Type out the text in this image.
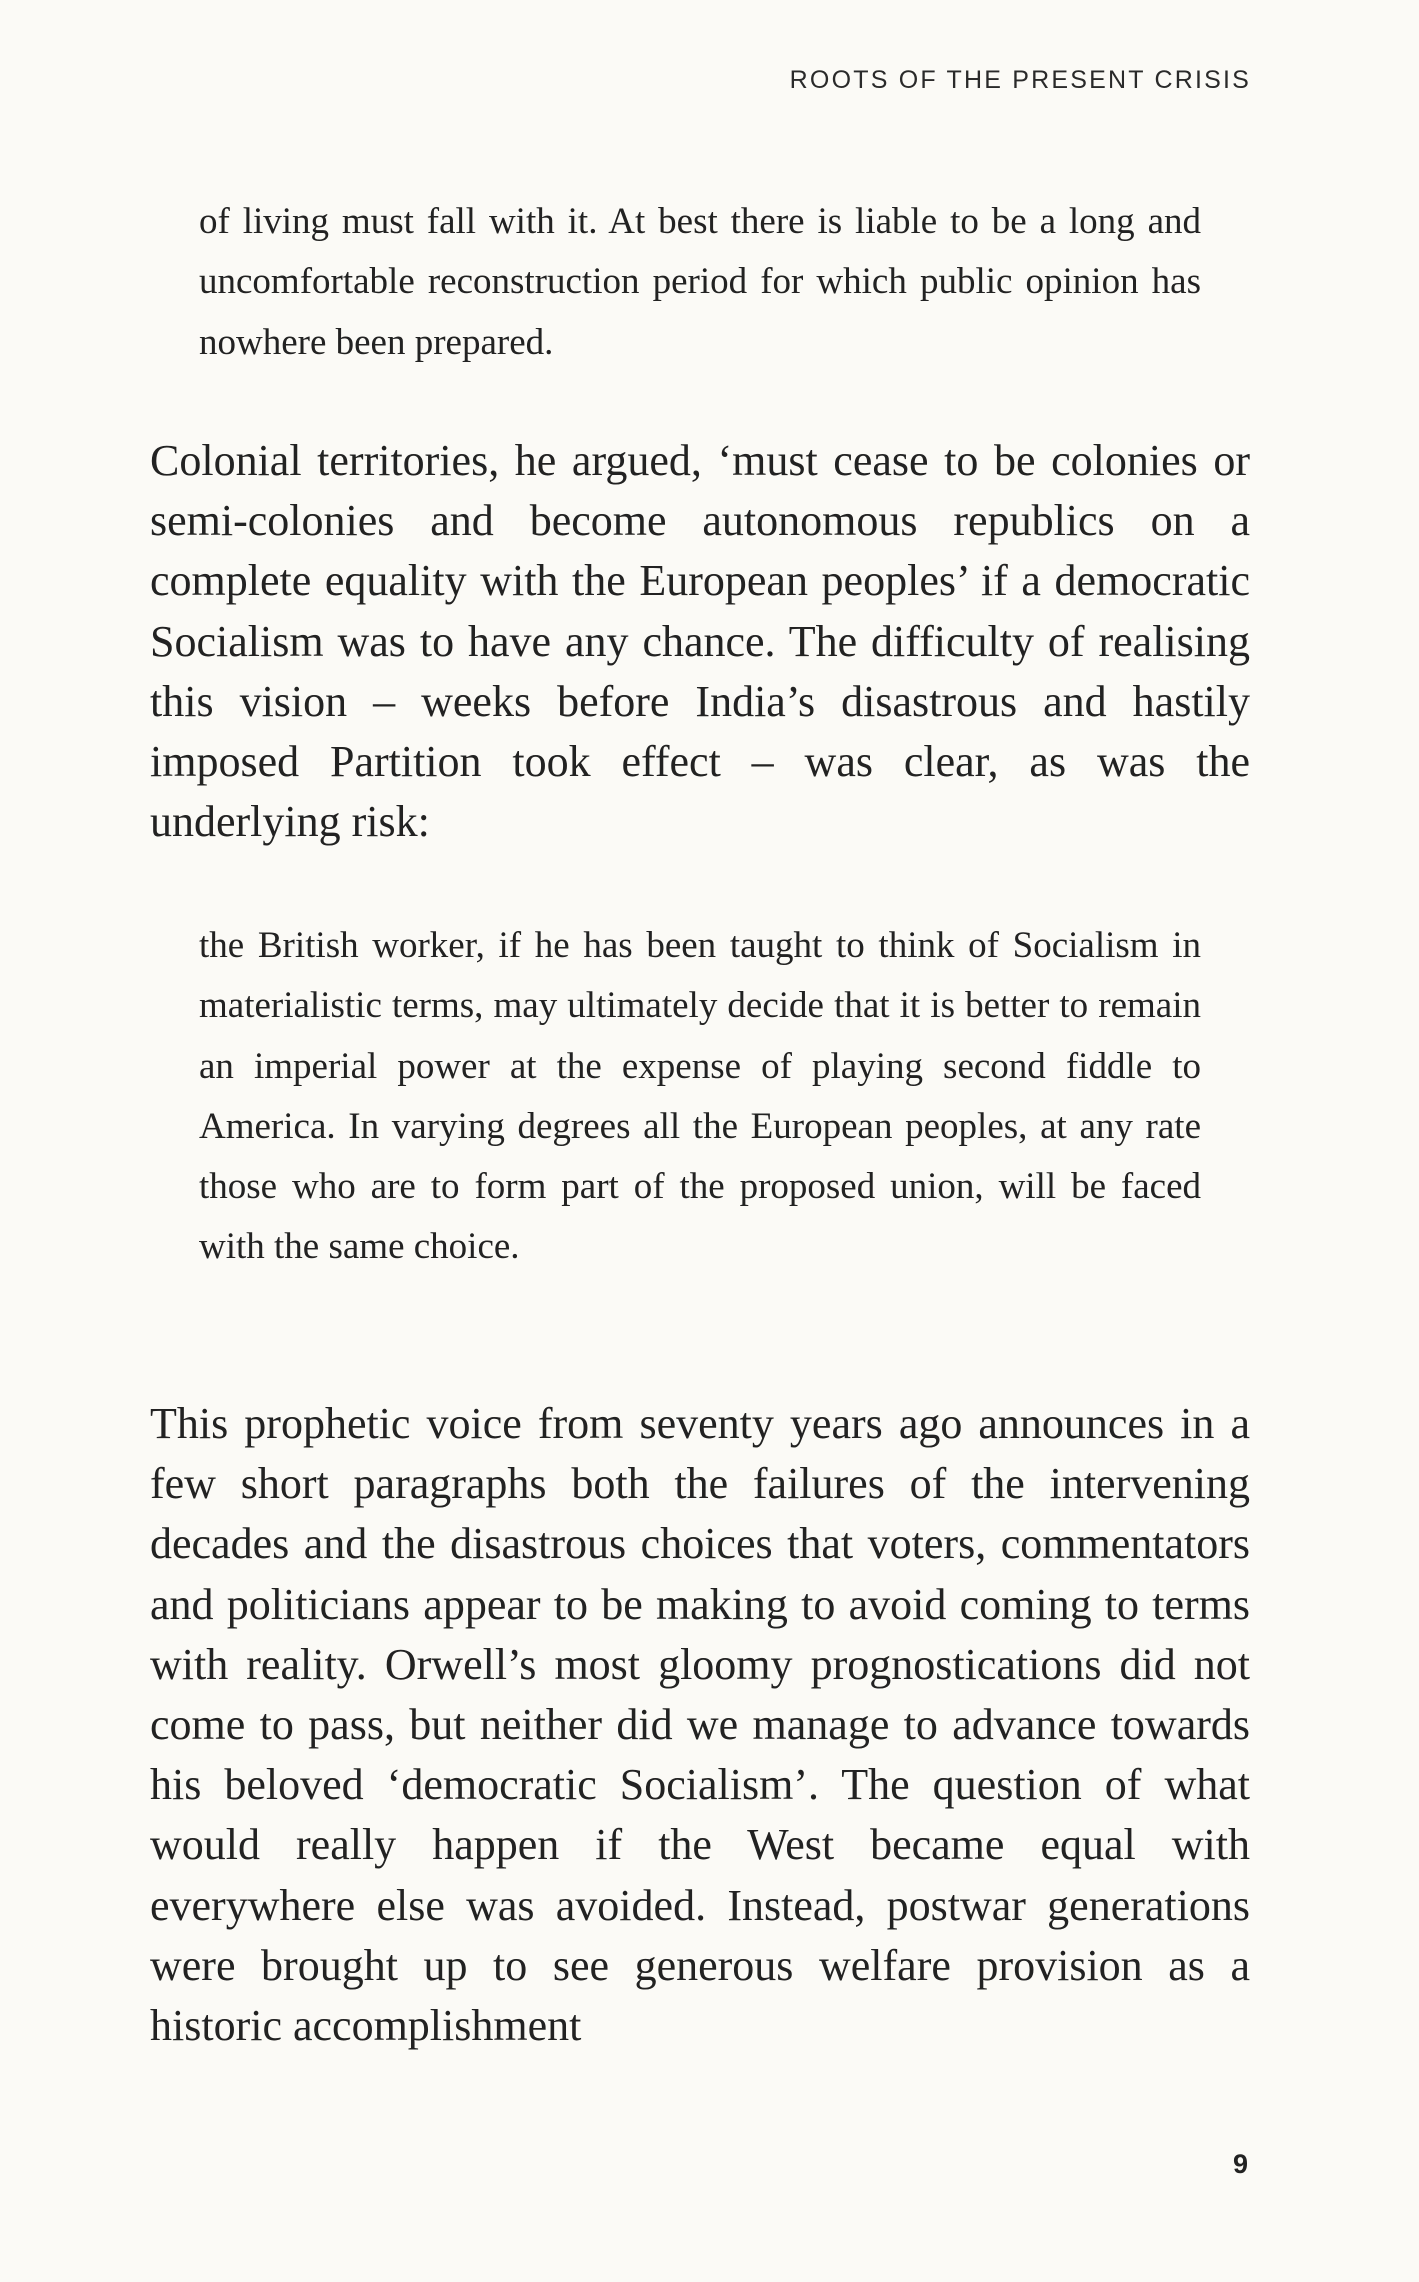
ROOTS OF THE PRESENT CRISIS
of living must fall with it. At best there is liable to be a long and uncomfortable reconstruction period for which public opinion has nowhere been prepared.
Colonial territories, he argued, ‘must cease to be colonies or semi-colonies and become autonomous republics on a complete equality with the European peoples’ if a democratic Socialism was to have any chance. The difficulty of realising this vision – weeks before India’s disastrous and hastily imposed Partition took effect – was clear, as was the underlying risk:
the British worker, if he has been taught to think of Socialism in materialistic terms, may ultimately decide that it is better to remain an imperial power at the expense of playing second fiddle to America. In varying degrees all the European peoples, at any rate those who are to form part of the proposed union, will be faced with the same choice.
This prophetic voice from seventy years ago announces in a few short paragraphs both the failures of the intervening decades and the disastrous choices that voters, commentators and politicians appear to be making to avoid coming to terms with reality. Orwell’s most gloomy prognostications did not come to pass, but neither did we manage to advance towards his beloved ‘democratic Socialism’. The question of what would really happen if the West became equal with everywhere else was avoided. Instead, postwar generations were brought up to see generous welfare provision as a historic accomplishment
9
